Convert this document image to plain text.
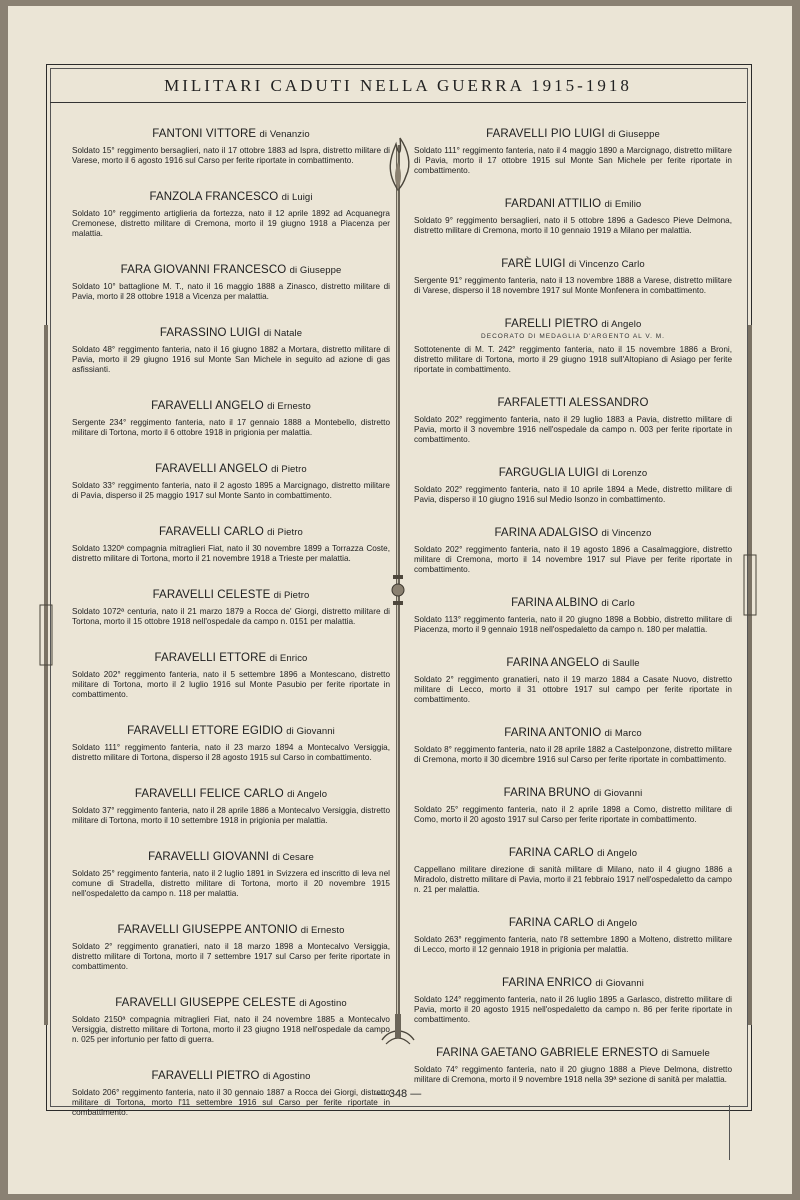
MILITARI CADUTI NELLA GUERRA 1915-1918
FANTONI VITTORE di Venanzio
Soldato 15° reggimento bersaglieri, nato il 17 ottobre 1883 ad Ispra, distretto militare di Varese, morto il 6 agosto 1916 sul Carso per ferite riportate in combattimento.
FANZOLA FRANCESCO di Luigi
Soldato 10° reggimento artiglieria da fortezza, nato il 12 aprile 1892 ad Acquanegra Cremonese, distretto militare di Cremona, morto il 19 giugno 1918 a Piacenza per malattia.
FARA GIOVANNI FRANCESCO di Giuseppe
Soldato 10° battaglione M. T., nato il 16 maggio 1888 a Zinasco, distretto militare di Pavia, morto il 28 ottobre 1918 a Vicenza per malattia.
FARASSINO LUIGI di Natale
Soldato 48° reggimento fanteria, nato il 16 giugno 1882 a Mortara, distretto militare di Pavia, morto il 29 giugno 1916 sul Monte San Michele in seguito ad azione di gas asfissianti.
FARAVELLI ANGELO di Ernesto
Sergente 234° reggimento fanteria, nato il 17 gennaio 1888 a Montebello, distretto militare di Tortona, morto il 6 ottobre 1918 in prigionia per malattia.
FARAVELLI ANGELO di Pietro
Soldato 33° reggimento fanteria, nato il 2 agosto 1895 a Marcignago, distretto militare di Pavia, disperso il 25 maggio 1917 sul Monte Santo in combattimento.
FARAVELLI CARLO di Pietro
Soldato 1320ª compagnia mitraglieri Fiat, nato il 30 novembre 1899 a Torrazza Coste, distretto militare di Tortona, morto il 21 novembre 1918 a Trieste per malattia.
FARAVELLI CELESTE di Pietro
Soldato 1072ª centuria, nato il 21 marzo 1879 a Rocca de' Giorgi, distretto militare di Tortona, morto il 15 ottobre 1918 nell'ospedale da campo n. 0151 per malattia.
FARAVELLI ETTORE di Enrico
Soldato 202° reggimento fanteria, nato il 5 settembre 1896 a Montescano, distretto militare di Tortona, morto il 2 luglio 1916 sul Monte Pasubio per ferite riportate in combattimento.
FARAVELLI ETTORE EGIDIO di Giovanni
Soldato 111° reggimento fanteria, nato il 23 marzo 1894 a Montecalvo Versiggia, distretto militare di Tortona, disperso il 28 agosto 1915 sul Carso in combattimento.
FARAVELLI FELICE CARLO di Angelo
Soldato 37° reggimento fanteria, nato il 28 aprile 1886 a Montecalvo Versiggia, distretto militare di Tortona, morto il 10 settembre 1918 in prigionia per malattia.
FARAVELLI GIOVANNI di Cesare
Soldato 25° reggimento fanteria, nato il 2 luglio 1891 in Svizzera ed inscritto di leva nel comune di Stradella, distretto militare di Tortona, morto il 20 novembre 1915 nell'ospedaletto da campo n. 118 per malattia.
FARAVELLI GIUSEPPE ANTONIO di Ernesto
Soldato 2° reggimento granatieri, nato il 18 marzo 1898 a Montecalvo Versiggia, distretto militare di Tortona, morto il 7 settembre 1917 sul Carso per ferite riportate in combattimento.
FARAVELLI GIUSEPPE CELESTE di Agostino
Soldato 2150ª compagnia mitraglieri Fiat, nato il 24 novembre 1885 a Montecalvo Versiggia, distretto militare di Tortona, morto il 23 giugno 1918 nell'ospedale da campo n. 025 per infortunio per fatto di guerra.
FARAVELLI PIETRO di Agostino
Soldato 206° reggimento fanteria, nato il 30 gennaio 1887 a Rocca dei Giorgi, distretto militare di Tortona, morto l'11 settembre 1916 sul Carso per ferite riportate in combattimento.
FARAVELLI PIO LUIGI di Giuseppe
Soldato 111° reggimento fanteria, nato il 4 maggio 1890 a Marcignago, distretto militare di Pavia, morto il 17 ottobre 1915 sul Monte San Michele per ferite riportate in combattimento.
FARDANI ATTILIO di Emilio
Soldato 9° reggimento bersaglieri, nato il 5 ottobre 1896 a Gadesco Pieve Delmona, distretto militare di Cremona, morto il 10 gennaio 1919 a Milano per malattia.
FARÈ LUIGI di Vincenzo Carlo
Sergente 91° reggimento fanteria, nato il 13 novembre 1888 a Varese, distretto militare di Varese, disperso il 18 novembre 1917 sul Monte Monfenera in combattimento.
FARELLI PIETRO di Angelo
DECORATO DI MEDAGLIA D'ARGENTO AL V. M.
Sottotenente di M. T. 242° reggimento fanteria, nato il 15 novembre 1886 a Broni, distretto militare di Tortona, morto il 29 giugno 1918 sull'Altopiano di Asiago per ferite riportate in combattimento.
FARFALETTI ALESSANDRO
Soldato 202° reggimento fanteria, nato il 29 luglio 1883 a Pavia, distretto militare di Pavia, morto il 3 novembre 1916 nell'ospedale da campo n. 003 per ferite riportate in combattimento.
FARGUGLIA LUIGI di Lorenzo
Soldato 202° reggimento fanteria, nato il 10 aprile 1894 a Mede, distretto militare di Pavia, disperso il 10 giugno 1916 sul Medio Isonzo in combattimento.
FARINA ADALGISO di Vincenzo
Soldato 202° reggimento fanteria, nato il 19 agosto 1896 a Casalmaggiore, distretto militare di Cremona, morto il 14 novembre 1917 sul Piave per ferite riportate in combattimento.
FARINA ALBINO di Carlo
Soldato 113° reggimento fanteria, nato il 20 giugno 1898 a Bobbio, distretto militare di Piacenza, morto il 9 gennaio 1918 nell'ospedaletto da campo n. 180 per malattia.
FARINA ANGELO di Saulle
Soldato 2° reggimento granatieri, nato il 19 marzo 1884 a Casate Nuovo, distretto militare di Lecco, morto il 31 ottobre 1917 sul campo per ferite riportate in combattimento.
FARINA ANTONIO di Marco
Soldato 8° reggimento fanteria, nato il 28 aprile 1882 a Castelponzone, distretto militare di Cremona, morto il 30 dicembre 1916 sul Carso per ferite riportate in combattimento.
FARINA BRUNO di Giovanni
Soldato 25° reggimento fanteria, nato il 2 aprile 1898 a Como, distretto militare di Como, morto il 20 agosto 1917 sul Carso per ferite riportate in combattimento.
FARINA CARLO di Angelo
Cappellano militare direzione di sanità militare di Milano, nato il 4 giugno 1886 a Miradolo, distretto militare di Pavia, morto il 21 febbraio 1917 nell'ospedaletto da campo n. 21 per malattia.
FARINA CARLO di Angelo
Soldato 263° reggimento fanteria, nato l'8 settembre 1890 a Molteno, distretto militare di Lecco, morto il 12 gennaio 1918 in prigionia per malattia.
FARINA ENRICO di Giovanni
Soldato 124° reggimento fanteria, nato il 26 luglio 1895 a Garlasco, distretto militare di Pavia, morto il 20 agosto 1915 nell'ospedaletto da campo n. 86 per ferite riportate in combattimento.
FARINA GAETANO GABRIELE ERNESTO di Samuele
Soldato 74° reggimento fanteria, nato il 20 giugno 1888 a Pieve Delmona, distretto militare di Cremona, morto il 9 novembre 1918 nella 39ª sezione di sanità per malattia.
— 348 —
